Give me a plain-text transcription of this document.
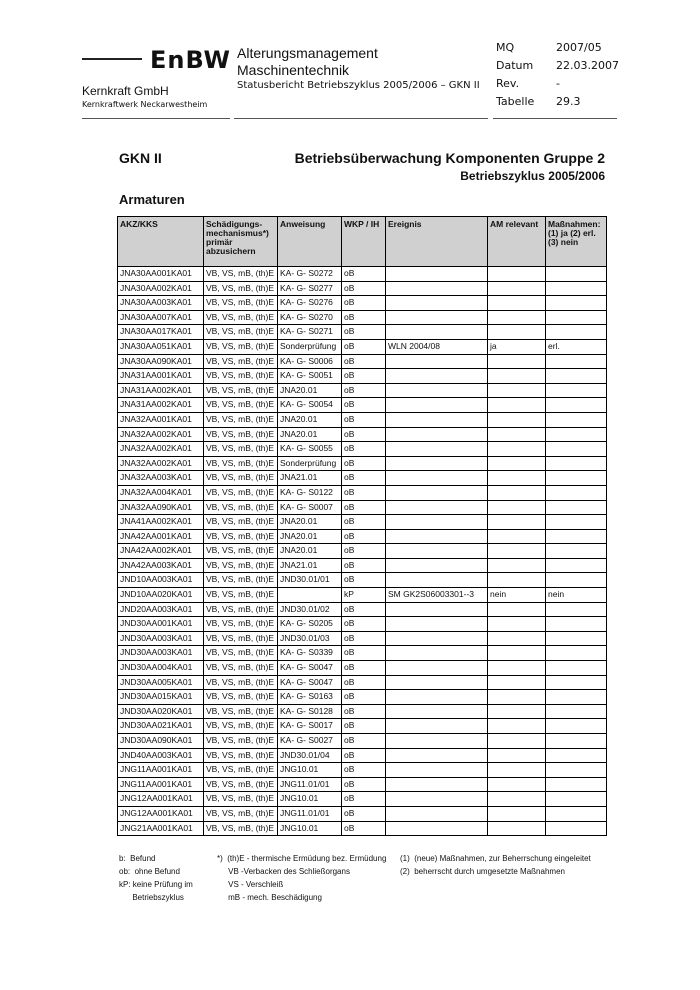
EnBW
Kernkraft GmbH
Kernkraftwerk Neckarwestheim
Alterungsmanagement
Maschinentechnik
Statusbericht Betriebszyklus 2005/2006 – GKN II
MQ	2007/05
Datum 22.03.2007
Rev.	-
Tabelle 29.3
GKN II	Betriebsüberwachung Komponenten Gruppe 2
Betriebszyklus 2005/2006
Armaturen
AKZ/KKS	Schädigungs-mechanismus*) primär abzusichern	Anweisung	WKP / IH	Ereignis	AM relevant	Maßnahmen: (1) ja (2) erl. (3) nein
JNA30AA001KA01	VB, VS, mB, (th)E	KA- G- S0272	oB			
JNA30AA002KA01	VB, VS, mB, (th)E	KA- G- S0277	oB			
JNA30AA003KA01	VB, VS, mB, (th)E	KA- G- S0276	oB			
JNA30AA007KA01	VB, VS, mB, (th)E	KA- G- S0270	oB			
JNA30AA017KA01	VB, VS, mB, (th)E	KA- G- S0271	oB			
JNA30AA051KA01	VB, VS, mB, (th)E	Sonderprüfung	oB	WLN 2004/08	ja	erl.
JNA30AA090KA01	VB, VS, mB, (th)E	KA- G- S0006	oB			
JNA31AA001KA01	VB, VS, mB, (th)E	KA- G- S0051	oB			
JNA31AA002KA01	VB, VS, mB, (th)E	JNA20.01	oB			
JNA31AA002KA01	VB, VS, mB, (th)E	KA- G- S0054	oB			
JNA32AA001KA01	VB, VS, mB, (th)E	JNA20.01	oB			
JNA32AA002KA01	VB, VS, mB, (th)E	JNA20.01	oB			
JNA32AA002KA01	VB, VS, mB, (th)E	KA- G- S0055	oB			
JNA32AA002KA01	VB, VS, mB, (th)E	Sonderprüfung	oB			
JNA32AA003KA01	VB, VS, mB, (th)E	JNA21.01	oB			
JNA32AA004KA01	VB, VS, mB, (th)E	KA- G- S0122	oB			
JNA32AA090KA01	VB, VS, mB, (th)E	KA- G- S0007	oB			
JNA41AA002KA01	VB, VS, mB, (th)E	JNA20.01	oB			
JNA42AA001KA01	VB, VS, mB, (th)E	JNA20.01	oB			
JNA42AA002KA01	VB, VS, mB, (th)E	JNA20.01	oB			
JNA42AA003KA01	VB, VS, mB, (th)E	JNA21.01	oB			
JND10AA003KA01	VB, VS, mB, (th)E	JND30.01/01	oB			
JND10AA020KA01	VB, VS, mB, (th)E		kP	SM GK2S06003301--3	nein	nein
JND20AA003KA01	VB, VS, mB, (th)E	JND30.01/02	oB			
JND30AA001KA01	VB, VS, mB, (th)E	KA- G- S0205	oB			
JND30AA003KA01	VB, VS, mB, (th)E	JND30.01/03	oB			
JND30AA003KA01	VB, VS, mB, (th)E	KA- G- S0339	oB			
JND30AA004KA01	VB, VS, mB, (th)E	KA- G- S0047	oB			
JND30AA005KA01	VB, VS, mB, (th)E	KA- G- S0047	oB			
JND30AA015KA01	VB, VS, mB, (th)E	KA- G- S0163	oB			
JND30AA020KA01	VB, VS, mB, (th)E	KA- G- S0128	oB			
JND30AA021KA01	VB, VS, mB, (th)E	KA- G- S0017	oB			
JND30AA090KA01	VB, VS, mB, (th)E	KA- G- S0027	oB			
JND40AA003KA01	VB, VS, mB, (th)E	JND30.01/04	oB			
JNG11AA001KA01	VB, VS, mB, (th)E	JNG10.01	oB			
JNG11AA001KA01	VB, VS, mB, (th)E	JNG11.01/01	oB			
JNG12AA001KA01	VB, VS, mB, (th)E	JNG10.01	oB			
JNG12AA001KA01	VB, VS, mB, (th)E	JNG11.01/01	oB			
JNG21AA001KA01	VB, VS, mB, (th)E	JNG10.01	oB			
b:  Befund
ob:  ohne Befund
kP: keine Prüfung im
Betriebszyklus
*)  (th)E - thermische Ermüdung bez. Ermüdung
VB -Verbacken des Schließorgans
VS - Verschleiß
mB - mech. Beschädigung
(1)  (neue) Maßnahmen, zur Beherrschung eingeleitet
(2)  beherrscht durch umgesetzte Maßnahmen
